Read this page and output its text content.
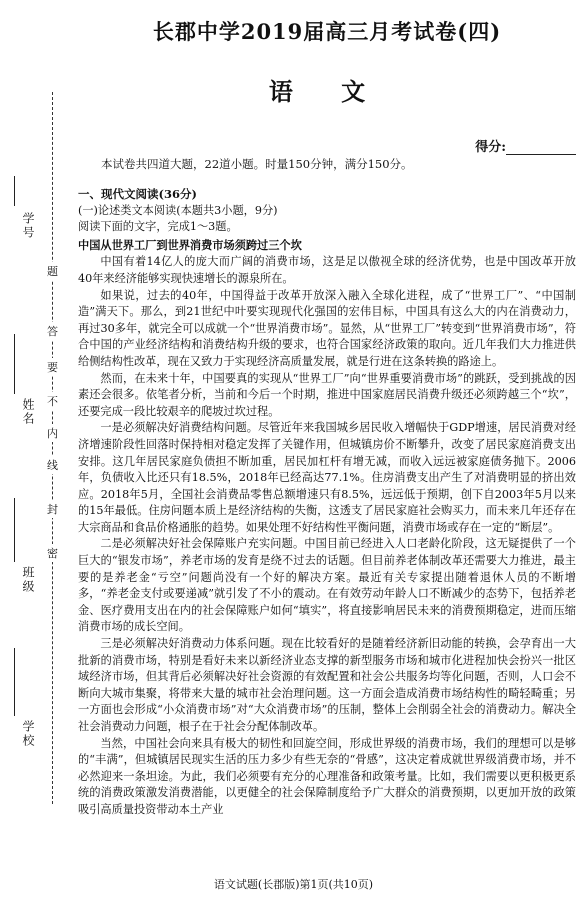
学号
姓名
班级
学校
题
答
要
不
内
线
封
密
长郡中学2019届高三月考试卷(四)
语 文
得分:
本试卷共四道大题，22道小题。时量150分钟，满分150分。

一、现代文阅读(36分)

(一)论述类文本阅读(本题共3小题，9分)

阅读下面的文字，完成1～3题。

中国从世界工厂到世界消费市场须跨过三个坎

中国有着14亿人的庞大而广阔的消费市场，这是足以傲视全球的经济优势，也是中国改革开放40年来经济能够实现快速增长的源泉所在。

如果说，过去的40年，中国得益于改革开放深入融入全球化进程，成了“世界工厂”、“中国制造”满天下。那么，到21世纪中叶要实现现代化强国的宏伟目标，中国具有这么大的内在消费动力，再过30多年，就完全可以成就一个“世界消费市场”。显然，从“世界工厂”转变到“世界消费市场”，符合中国的产业经济结构和消费结构升级的要求，也符合国家经济政策的取向。近几年我们大力推进供给侧结构性改革，现在又致力于实现经济高质量发展，就是行进在这条转换的路途上。

然而，在未来十年，中国要真的实现从“世界工厂”向“世界重要消费市场”的跳跃，受到挑战的因素还会很多。依笔者分析，当前和今后一个时期，推进中国家庭居民消费升级还必须跨越三个“坎”，还要完成一段比较艰辛的爬坡过坎过程。

一是必须解决好消费结构问题。尽管近年来我国城乡居民收入增幅快于GDP增速，居民消费对经济增速阶段性回落时保持相对稳定发挥了关键作用，但城镇房价不断攀升，改变了居民家庭消费支出安排。这几年居民家庭负债担不断加重，居民加杠杆有增无减，而收入远远被家庭债务抛下。2006年，负债收入比还只有18.5%，2018年已经高达77.1%。住房消费支出产生了对消费明显的挤出效应。2018年5月，全国社会消费品零售总额增速只有8.5%，远远低于预期，创下自2003年5月以来的15年最低。住房问题本质上是经济结构的失衡，这透支了居民家庭社会购买力，而未来几年还存在大宗商品和食品价格通胀的趋势。如果处理不好结构性平衡问题，消费市场或存在一定的“断层”。

二是必须解决好社会保障账户充实问题。中国目前已经进入人口老龄化阶段，这无疑提供了一个巨大的“银发市场”，养老市场的发育是绕不过去的话题。但目前养老体制改革还需要大力推进，最主要的是养老金“亏空”问题尚没有一个好的解决方案。最近有关专家提出随着退休人员的不断增多，“养老金支付或要递减”就引发了不小的震动。在有效劳动年龄人口不断减少的态势下，包括养老金、医疗费用支出在内的社会保障账户如何“填实”，将直接影响居民未来的消费预期稳定，进而压缩消费市场的成长空间。

三是必须解决好消费动力体系问题。现在比较看好的是随着经济新旧动能的转换，会孕育出一大批新的消费市场，特别是看好未来以新经济业态支撑的新型服务市场和城市化进程加快会扮兴一批区域经济市场，但其背后必须解决好社会资源的有效配置和社会公共服务均等化问题，否则，人口会不断向大城市集聚，将带来大量的城市社会治理问题。这一方面会造成消费市场结构性的畸轻畸重；另一方面也会形成“小众消费市场”对“大众消费市场”的压制，整体上会削弱全社会的消费动力。解决全社会消费动力问题，根子在于社会分配体制改革。

当然，中国社会向来具有极大的韧性和回旋空间，形成世界级的消费市场，我们的理想可以是够的“丰满”，但城镇居民现实生活的压力多少有些无奈的“骨感”，这决定着成就世界级消费市场，并不必然迎来一条坦途。为此，我们必须要有充分的心理准备和政策考量。比如，我们需要以更积极更系统的消费政策激发消费潜能，以更健全的社会保障制度给予广大群众的消费预期，以更加开放的政策吸引高质量投资带动本土产业

语文试题(长郡版)第1页(共10页)
